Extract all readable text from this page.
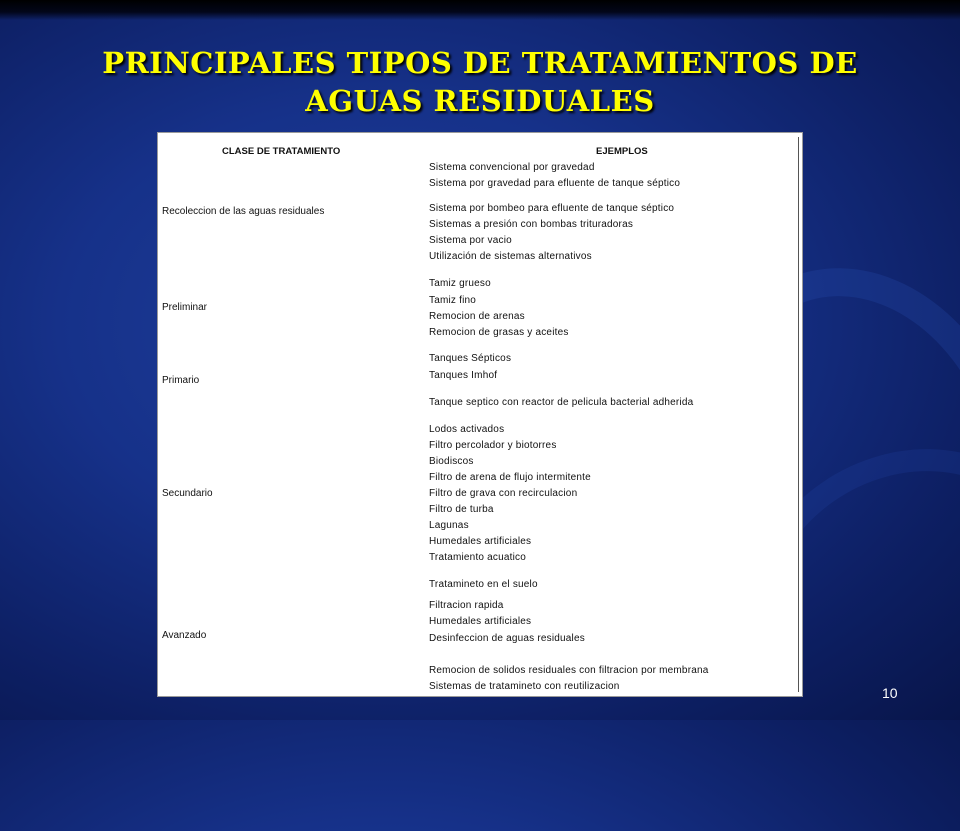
PRINCIPALES TIPOS DE TRATAMIENTOS DE
AGUAS RESIDUALES
CLASE DE TRATAMIENTO	EJEMPLOS
Recoleccion de las aguas residuales
Preliminar
Primario
Secundario
Avanzado
Sistema convencional por gravedad
Sistema por gravedad para efluente de tanque séptico
Sistema por bombeo para efluente de tanque séptico
Sistemas a presión con bombas trituradoras
Sistema por vacio
Utilización de sistemas alternativos
Tamiz grueso
Tamiz fino
Remocion de arenas
Remocion de grasas y aceites
Tanques Sépticos
Tanques Imhof
Tanque septico con reactor de pelicula bacterial adherida
Lodos activados
Filtro percolador y biotorres
Biodiscos
Filtro de arena de flujo intermitente
Filtro de grava con recirculacion
Filtro de turba
Lagunas
Humedales artificiales
Tratamiento acuatico
Tratamineto en el suelo
Filtracion rapida
Humedales artificiales
Desinfeccion de aguas residuales
Remocion de solidos residuales con filtracion por membrana
Sistemas de tratamineto con reutilizacion	10
